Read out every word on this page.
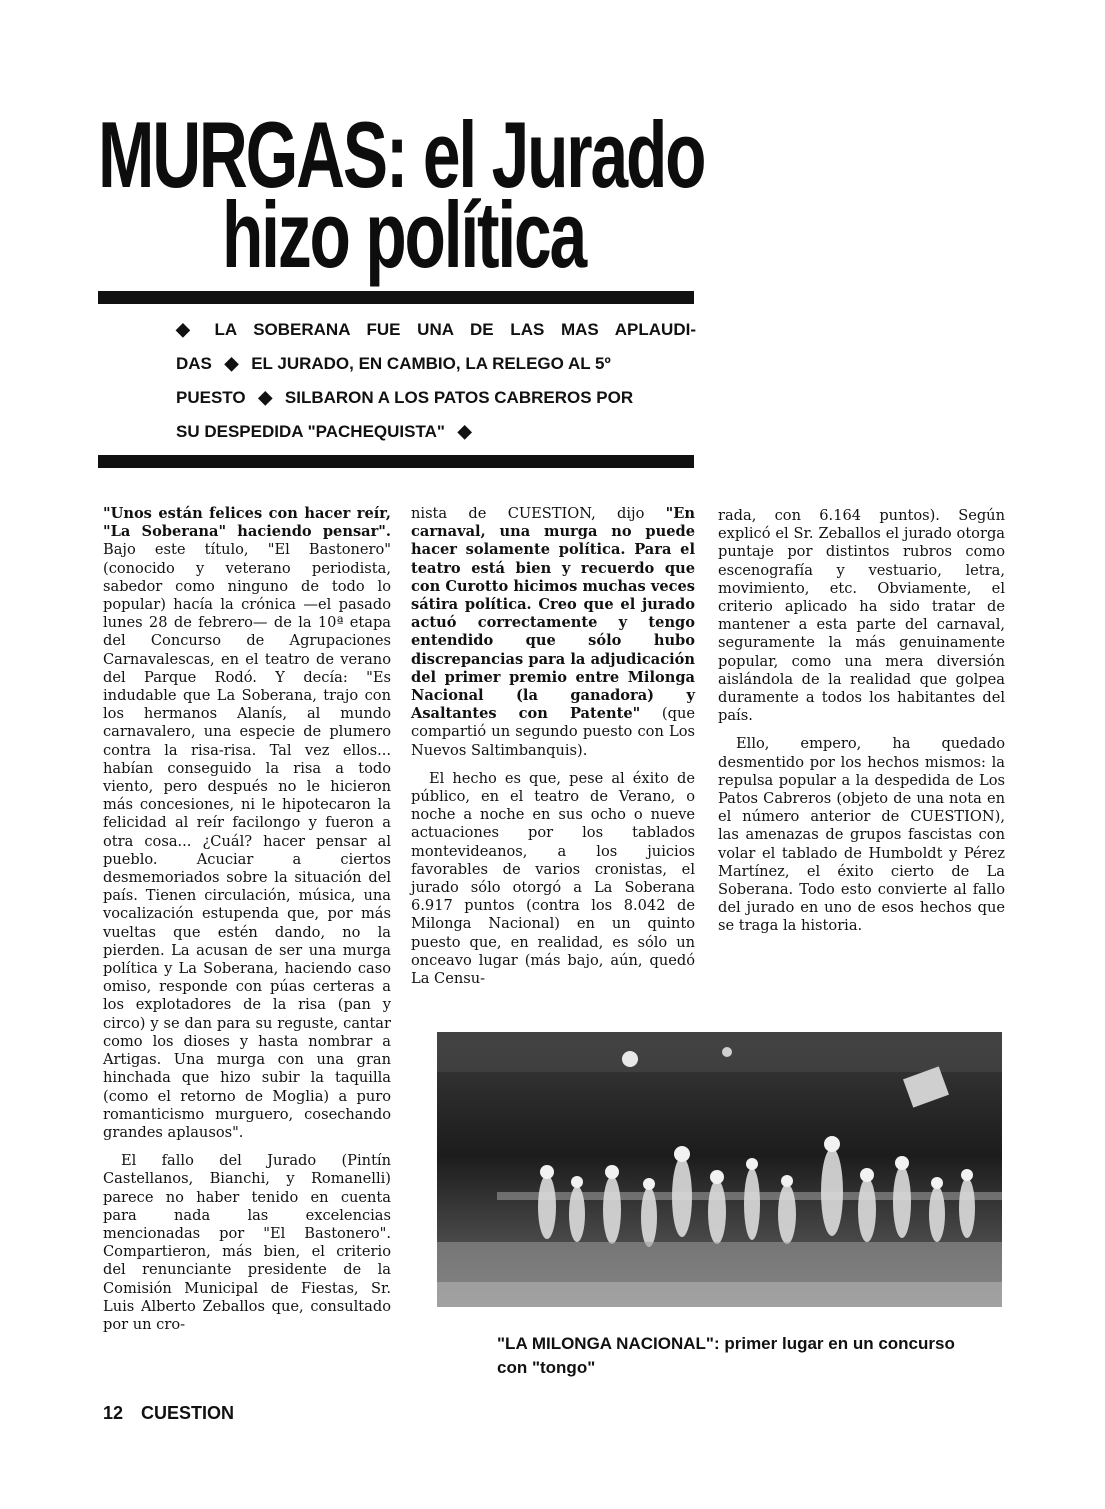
MURGAS: el Jurado
hizo política
◆ LA SOBERANA FUE UNA DE LAS MAS APLAUDI-
DAS ◆ EL JURADO, EN CAMBIO, LA RELEGO AL 5º
PUESTO ◆ SILBARON A LOS PATOS CABREROS POR
SU DESPEDIDA "PACHEQUISTA" ◆

"Unos están felices con hacer reír, "La Soberana" haciendo pensar". Bajo este título, "El Bastonero" (conocido y veterano periodista, sabedor como ninguno de todo lo popular) hacía la crónica —el pasado lunes 28 de febrero— de la 10ª etapa del Concurso de Agrupaciones Carnavalescas, en el teatro de verano del Parque Rodó. Y decía: "Es indudable que La Soberana, trajo con los hermanos Alanís, al mundo carnavalero, una especie de plumero contra la risa-risa. Tal vez ellos... habían conseguido la risa a todo viento, pero después no le hicieron más concesiones, ni le hipotecaron la felicidad al reír facilongo y fueron a otra cosa... ¿Cuál? hacer pensar al pueblo. Acuciar a ciertos desmemoriados sobre la situación del país. Tienen circulación, música, una vocalización estupenda que, por más vueltas que estén dando, no la pierden. La acusan de ser una murga política y La Soberana, haciendo caso omiso, responde con púas certeras a los explotadores de la risa (pan y circo) y se dan para su reguste, cantar como los dioses y hasta nombrar a Artigas. Una murga con una gran hinchada que hizo subir la taquilla (como el retorno de Moglia) a puro romanticismo murguero, cosechando grandes aplausos".

El fallo del Jurado (Pintín Castellanos, Bianchi, y Romanelli) parece no haber tenido en cuenta para nada las excelencias mencionadas por "El Bastonero". Compartieron, más bien, el criterio del renunciante presidente de la Comisión Municipal de Fiestas, Sr. Luis Alberto Zeballos que, consultado por un cro-

nista de CUESTION, dijo "En carnaval, una murga no puede hacer solamente política. Para el teatro está bien y recuerdo que con Curotto hicimos muchas veces sátira política. Creo que el jurado actuó correctamente y tengo entendido que sólo hubo discrepancias para la adjudicación del primer premio entre Milonga Nacional (la ganadora) y Asaltantes con Patente" (que compartió un segundo puesto con Los Nuevos Saltimbanquis).

El hecho es que, pese al éxito de público, en el teatro de Verano, o noche a noche en sus ocho o nueve actuaciones por los tablados montevideanos, a los juicios favorables de varios cronistas, el jurado sólo otorgó a La Soberana 6.917 puntos (contra los 8.042 de Milonga Nacional) en un quinto puesto que, en realidad, es sólo un onceavo lugar (más bajo, aún, quedó La Censu-

rada, con 6.164 puntos). Según explicó el Sr. Zeballos el jurado otorga puntaje por distintos rubros como escenografía y vestuario, letra, movimiento, etc. Obviamente, el criterio aplicado ha sido tratar de mantener a esta parte del carnaval, seguramente la más genuinamente popular, como una mera diversión aislándola de la realidad que golpea duramente a todos los habitantes del país.

Ello, empero, ha quedado desmentido por los hechos mismos: la repulsa popular a la despedida de Los Patos Cabreros (objeto de una nota en el número anterior de CUESTION), las amenazas de grupos fascistas con volar el tablado de Humboldt y Pérez Martínez, el éxito cierto de La Soberana. Todo esto convierte al fallo del jurado en uno de esos hechos que se traga la historia.

"LA MILONGA NACIONAL": primer lugar en un concurso con "tongo"
12 CUESTION
